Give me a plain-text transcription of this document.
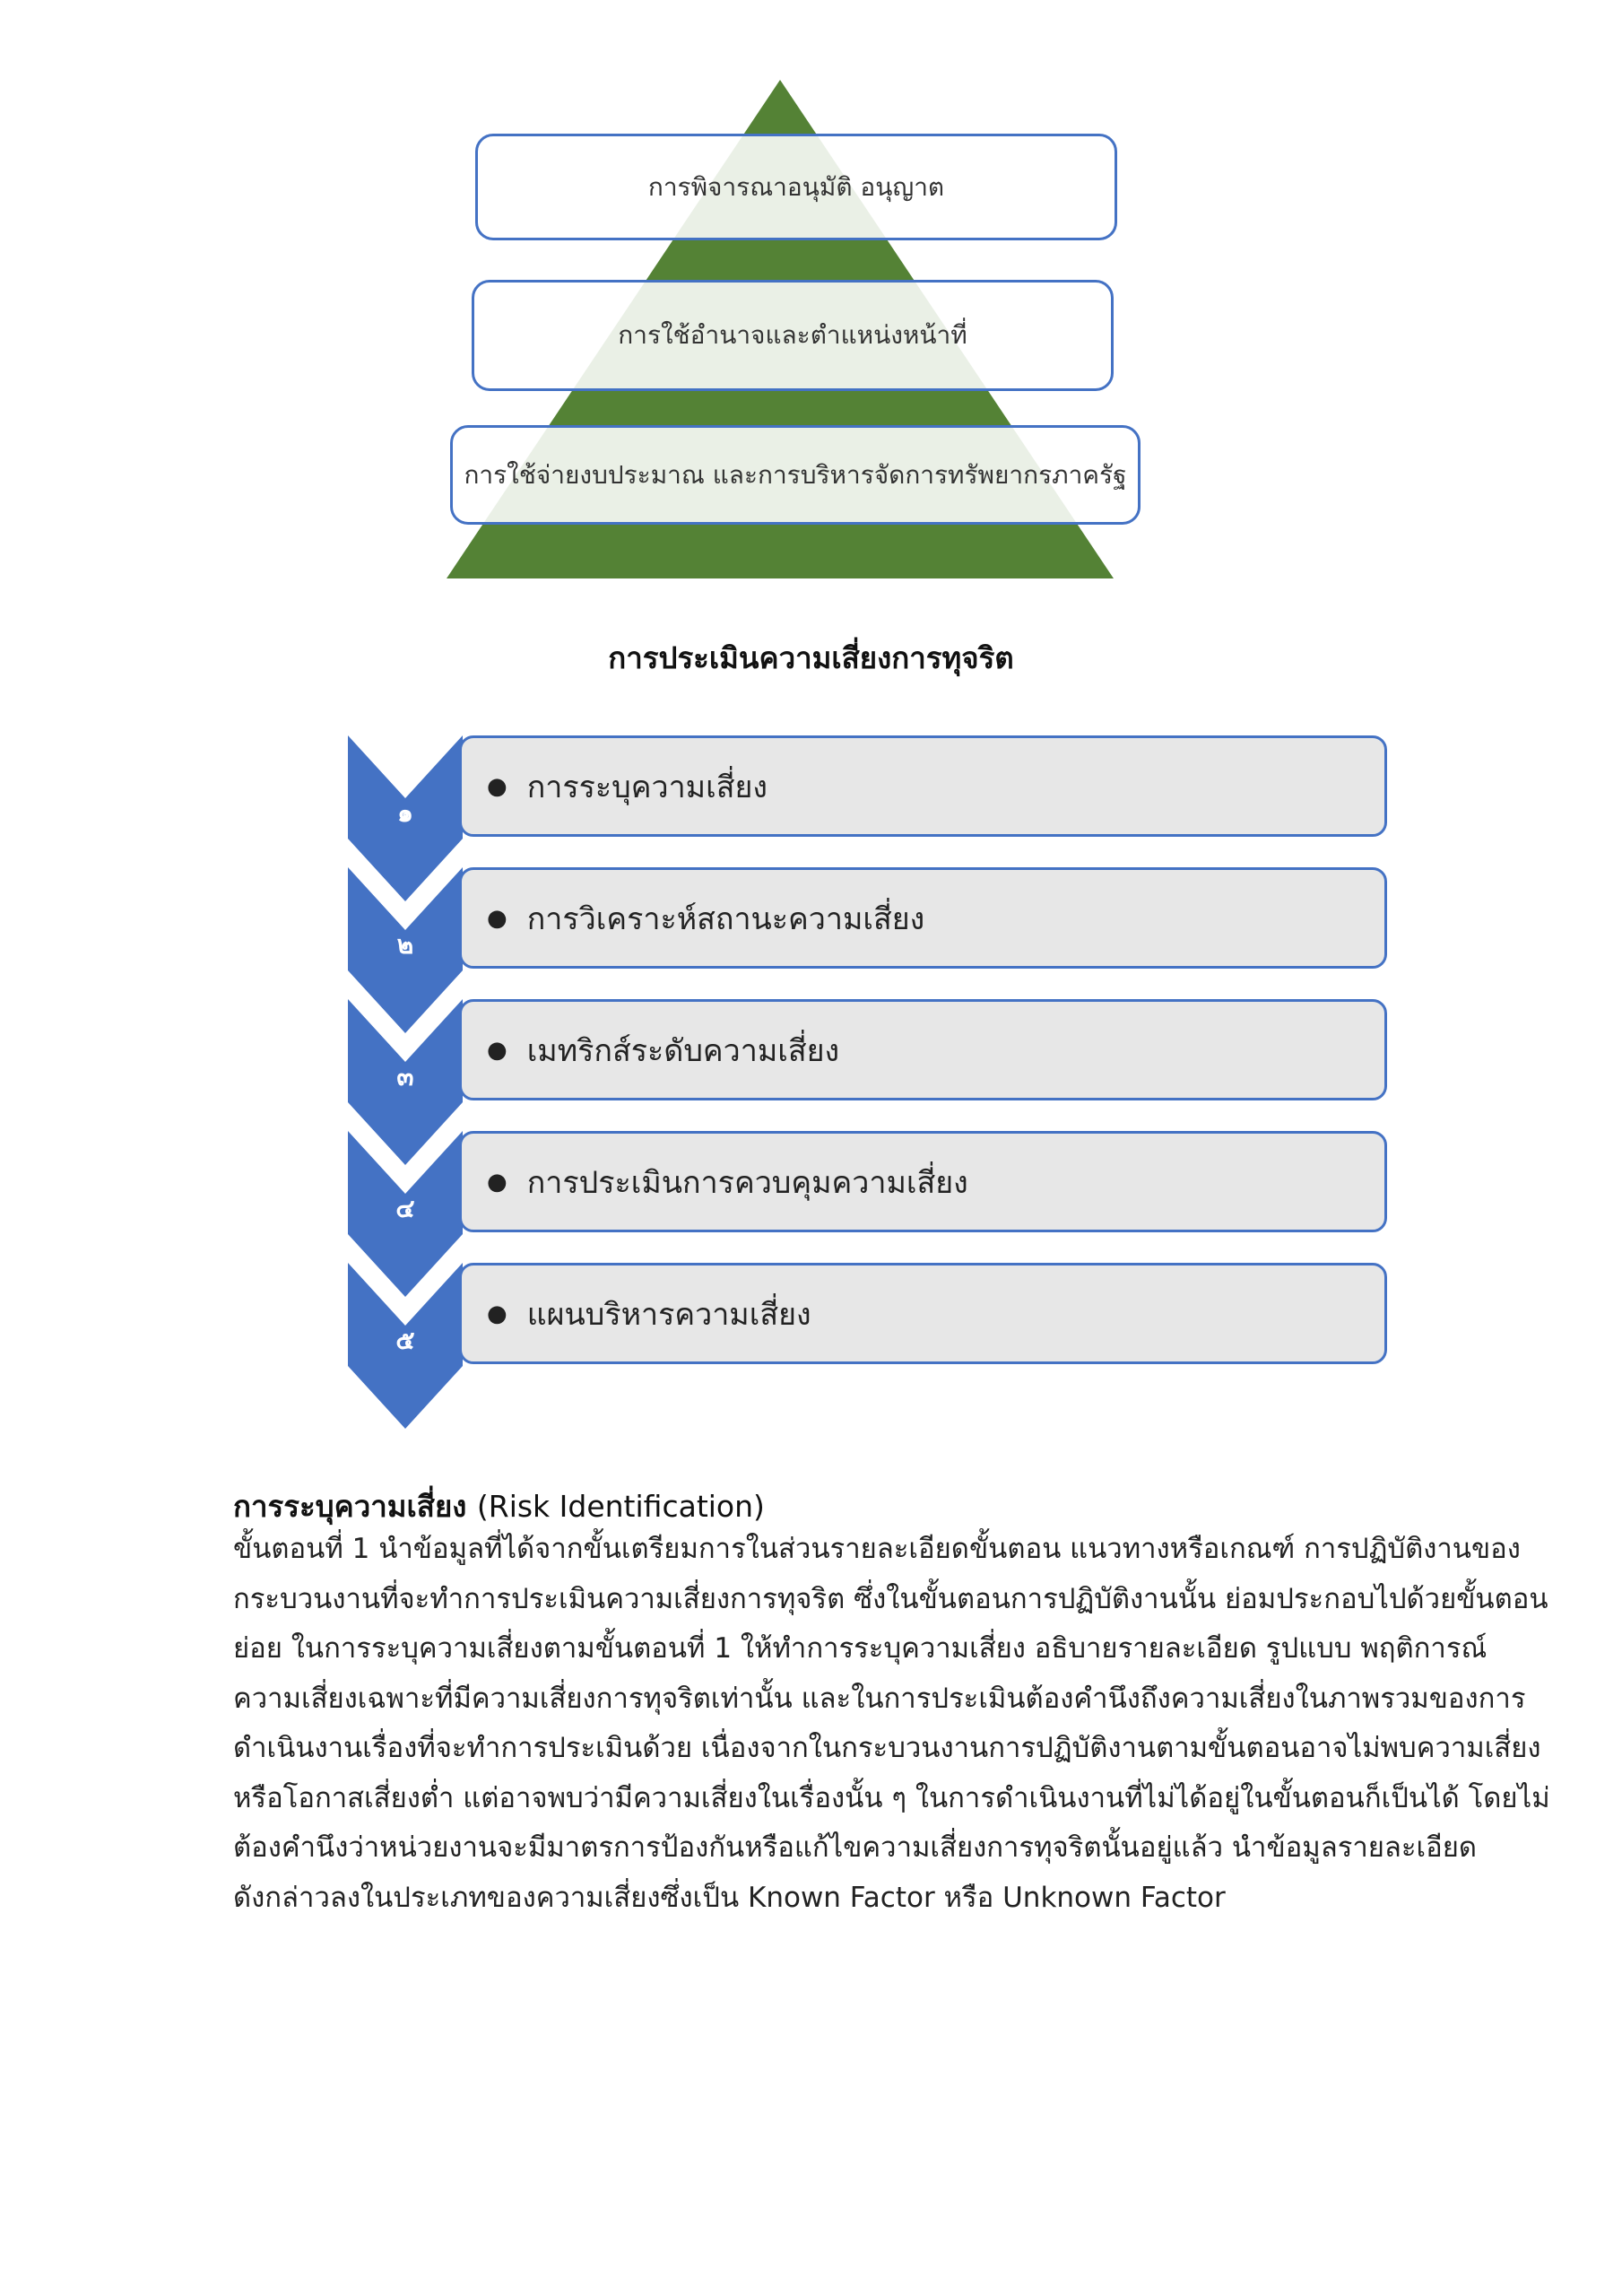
การพิจารณาอนุมัติ อนุญาต
การใช้อำนาจและตำแหน่งหน้าที่
การใช้จ่ายงบประมาณ และการบริหารจัดการทรัพยากรภาครัฐ
การประเมินความเสี่ยงการทุจริต
๑
● การระบุความเสี่ยง
๒
● การวิเคราะห์สถานะความเสี่ยง
๓
● เมทริกส์ระดับความเสี่ยง
๔
● การประเมินการควบคุมความเสี่ยง
๕
● แผนบริหารความเสี่ยง
การระบุความเสี่ยง (Risk Identification)
ขั้นตอนที่ 1 นำข้อมูลที่ได้จากขั้นเตรียมการในส่วนรายละเอียดขั้นตอน แนวทางหรือเกณฑ์ การปฏิบัติงานของ
กระบวนงานที่จะทำการประเมินความเสี่ยงการทุจริต ซึ่งในขั้นตอนการปฏิบัติงานนั้น ย่อมประกอบไปด้วยขั้นตอน
ย่อย ในการระบุความเสี่ยงตามขั้นตอนที่ 1 ให้ทำการระบุความเสี่ยง อธิบายรายละเอียด รูปแบบ พฤติการณ์
ความเสี่ยงเฉพาะที่มีความเสี่ยงการทุจริตเท่านั้น และในการประเมินต้องคำนึงถึงความเสี่ยงในภาพรวมของการ
ดำเนินงานเรื่องที่จะทำการประเมินด้วย เนื่องจากในกระบวนงานการปฏิบัติงานตามขั้นตอนอาจไม่พบความเสี่ยง
หรือโอกาสเสี่ยงต่ำ แต่อาจพบว่ามีความเสี่ยงในเรื่องนั้น ๆ ในการดำเนินงานที่ไม่ได้อยู่ในขั้นตอนก็เป็นได้ โดยไม่
ต้องคำนึงว่าหน่วยงานจะมีมาตรการป้องกันหรือแก้ไขความเสี่ยงการทุจริตนั้นอยู่แล้ว นำข้อมูลรายละเอียด
ดังกล่าวลงในประเภทของความเสี่ยงซึ่งเป็น Known Factor หรือ Unknown Factor
